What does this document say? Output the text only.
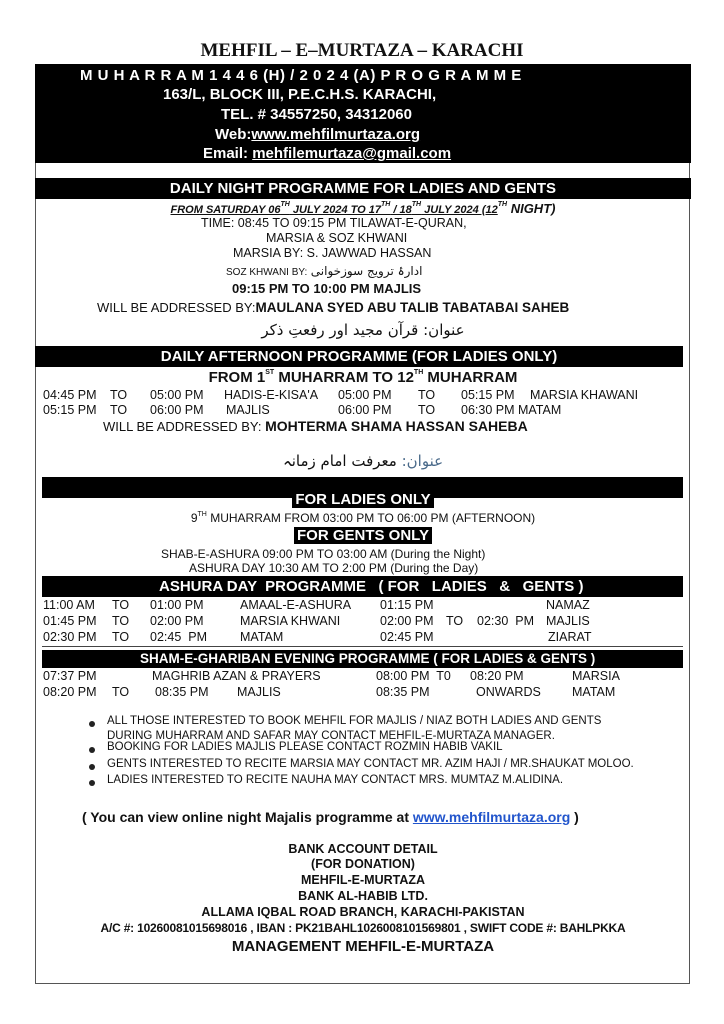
MEHFIL – E–MURTAZA – KARACHI
M U H A R R A M 1 4 4 6 (H) / 2 0 2 4 (A) P R O G R A M M E
163/L, BLOCK III, P.E.C.H.S. KARACHI,
TEL. # 34557250, 34312060
Web:www.mehfilmurtaza.org
Email: mehfilemurtaza@gmail.com
DAILY NIGHT PROGRAMME FOR LADIES AND GENTS
FROM SATURDAY 06TH JULY 2024 TO 17TH / 18TH JULY 2024 (12TH NIGHT)
TIME: 08:45 TO 09:15 PM TILAWAT-E-QURAN,
MARSIA & SOZ KHWANI
MARSIA BY: S. JAWWAD HASSAN
SOZ KHWANI BY: ادارۂ ترویج سوزخوانی
09:15 PM TO 10:00 PM MAJLIS
WILL BE ADDRESSED BY:MAULANA SYED ABU TALIB TABATABAI SAHEB
عنوان: قرآن مجید اور رفعتِ ذکر
DAILY AFTERNOON PROGRAMME (FOR LADIES ONLY)
FROM 1ST MUHARRAM TO 12TH MUHARRAM
04:45 PM TO 05:00 PM HADIS-E-KISA'A 05:00 PM TO 05:15 PM MARSIA KHAWANI
05:15 PM TO 06:00 PM MAJLIS	06:00 PM TO 06:30 PM MATAM
WILL BE ADDRESSED BY: MOHTERMA SHAMA HASSAN SAHEBA
عنوان: معرفت امام زمانہ
FOR LADIES ONLY
9TH MUHARRAM FROM 03:00 PM TO 06:00 PM (AFTERNOON)
FOR GENTS ONLY
SHAB-E-ASHURA 09:00 PM TO 03:00 AM (During the Night)
ASHURA DAY 10:30 AM TO 2:00 PM (During the Day)
ASHURA DAY  PROGRAMME   ( FOR   LADIES   &   GENTS )
11:00 AM TO 01:00 PM	AMAAL-E-ASHURA 01:15 PM	NAMAZ
01:45 PM TO 02:00 PM	MARSIA KHWANI	02:00 PM TO 02:30  PM MAJLIS
02:30 PM TO 02:45  PM	MATAM	02:45 PM	ZIARAT
SHAM-E-GHARIBAN EVENING PROGRAMME ( FOR LADIES & GENTS )
07:37 PM	MAGHRIB AZAN & PRAYERS	08:00 PM  T0 08:20 PM	MARSIA
08:20 PM TO 08:35 PM MAJLIS	08:35 PM	ONWARDS MATAM
ALL THOSE INTERESTED TO BOOK MEHFIL FOR MAJLIS / NIAZ BOTH LADIES AND GENTS
DURING MUHARRAM AND SAFAR MAY CONTACT MEHFIL-E-MURTAZA MANAGER.
BOOKING FOR LADIES MAJLIS PLEASE CONTACT ROZMIN HABIB VAKIL
GENTS INTERESTED TO RECITE MARSIA MAY CONTACT MR. AZIM HAJI / MR.SHAUKAT MOLOO.
LADIES INTERESTED TO RECITE NAUHA MAY CONTACT MRS. MUMTAZ M.ALIDINA.
( You can view online night Majalis programme at www.mehfilmurtaza.org )
BANK ACCOUNT DETAIL
(FOR DONATION)
MEHFIL-E-MURTAZA
BANK AL-HABIB LTD.
ALLAMA IQBAL ROAD BRANCH, KARACHI-PAKISTAN
A/C #: 10260081015698016 , IBAN : PK21BAHL1026008101569801 , SWIFT CODE #: BAHLPKKA
MANAGEMENT MEHFIL-E-MURTAZA
